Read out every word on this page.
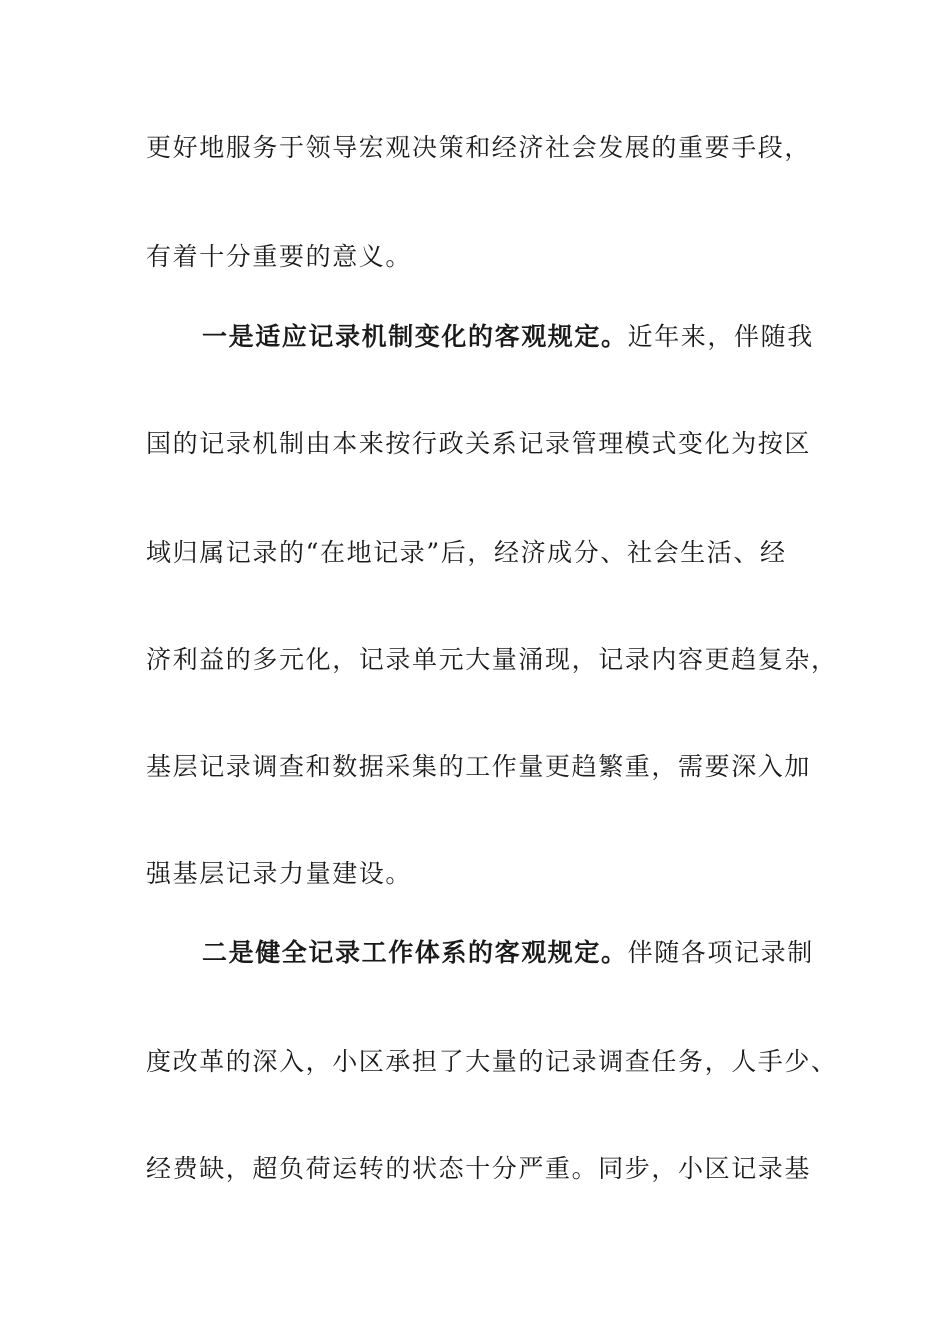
更好地服务于领导宏观决策和经济社会发展的重要手段，
有着十分重要的意义。
一是适应记录机制变化的客观规定。近年来，伴随我
国的记录机制由本来按行政关系记录管理模式变化为按区
域归属记录的“在地记录”后，经济成分、社会生活、经
济利益的多元化，记录单元大量涌现，记录内容更趋复杂，
基层记录调查和数据采集的工作量更趋繁重，需要深入加
强基层记录力量建设。
二是健全记录工作体系的客观规定。伴随各项记录制
度改革的深入，小区承担了大量的记录调查任务，人手少、
经费缺，超负荷运转的状态十分严重。同步，小区记录基
